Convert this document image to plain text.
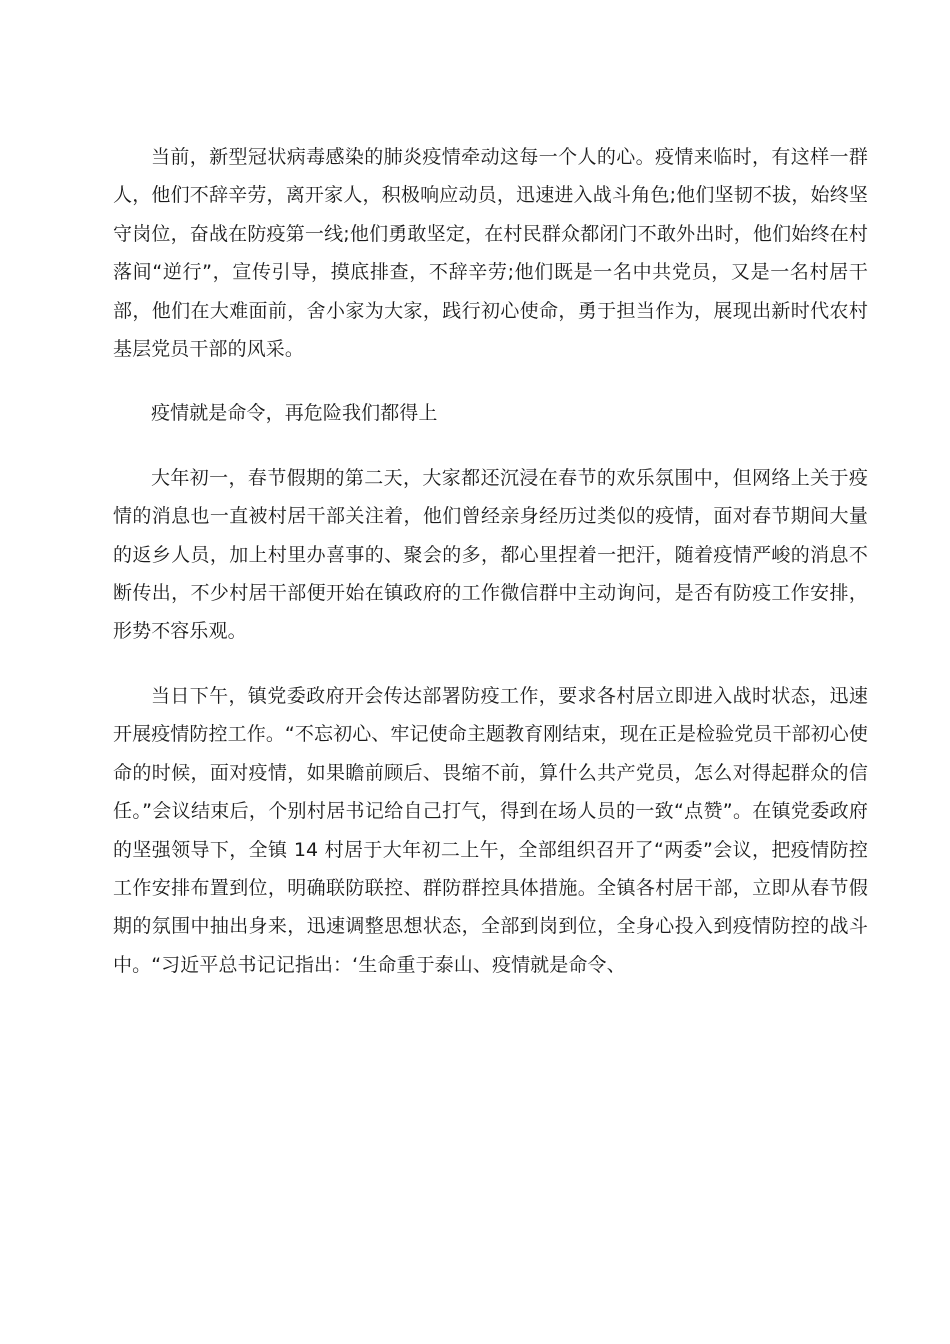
当前，新型冠状病毒感染的肺炎疫情牵动这每一个人的心。疫情来临时，有这样一群人，他们不辞辛劳，离开家人，积极响应动员，迅速进入战斗角色;他们坚韧不拔，始终坚守岗位，奋战在防疫第一线;他们勇敢坚定，在村民群众都闭门不敢外出时，他们始终在村落间“逆行”，宣传引导，摸底排查，不辞辛劳;他们既是一名中共党员，又是一名村居干部，他们在大难面前，舍小家为大家，践行初心使命，勇于担当作为，展现出新时代农村基层党员干部的风采。

疫情就是命令，再危险我们都得上

大年初一，春节假期的第二天，大家都还沉浸在春节的欢乐氛围中，但网络上关于疫情的消息也一直被村居干部关注着，他们曾经亲身经历过类似的疫情，面对春节期间大量的返乡人员，加上村里办喜事的、聚会的多，都心里捏着一把汗，随着疫情严峻的消息不断传出，不少村居干部便开始在镇政府的工作微信群中主动询问，是否有防疫工作安排，形势不容乐观。

当日下午，镇党委政府开会传达部署防疫工作，要求各村居立即进入战时状态，迅速开展疫情防控工作。“不忘初心、牢记使命主题教育刚结束，现在正是检验党员干部初心使命的时候，面对疫情，如果瞻前顾后、畏缩不前，算什么共产党员，怎么对得起群众的信任。”会议结束后，个别村居书记给自己打气，得到在场人员的一致“点赞”。在镇党委政府的坚强领导下，全镇 14 村居于大年初二上午，全部组织召开了“两委”会议，把疫情防控工作安排布置到位，明确联防联控、群防群控具体措施。全镇各村居干部，立即从春节假期的氛围中抽出身来，迅速调整思想状态，全部到岗到位，全身心投入到疫情防控的战斗中。“习近平总书记记指出：‘生命重于泰山、疫情就是命令、
